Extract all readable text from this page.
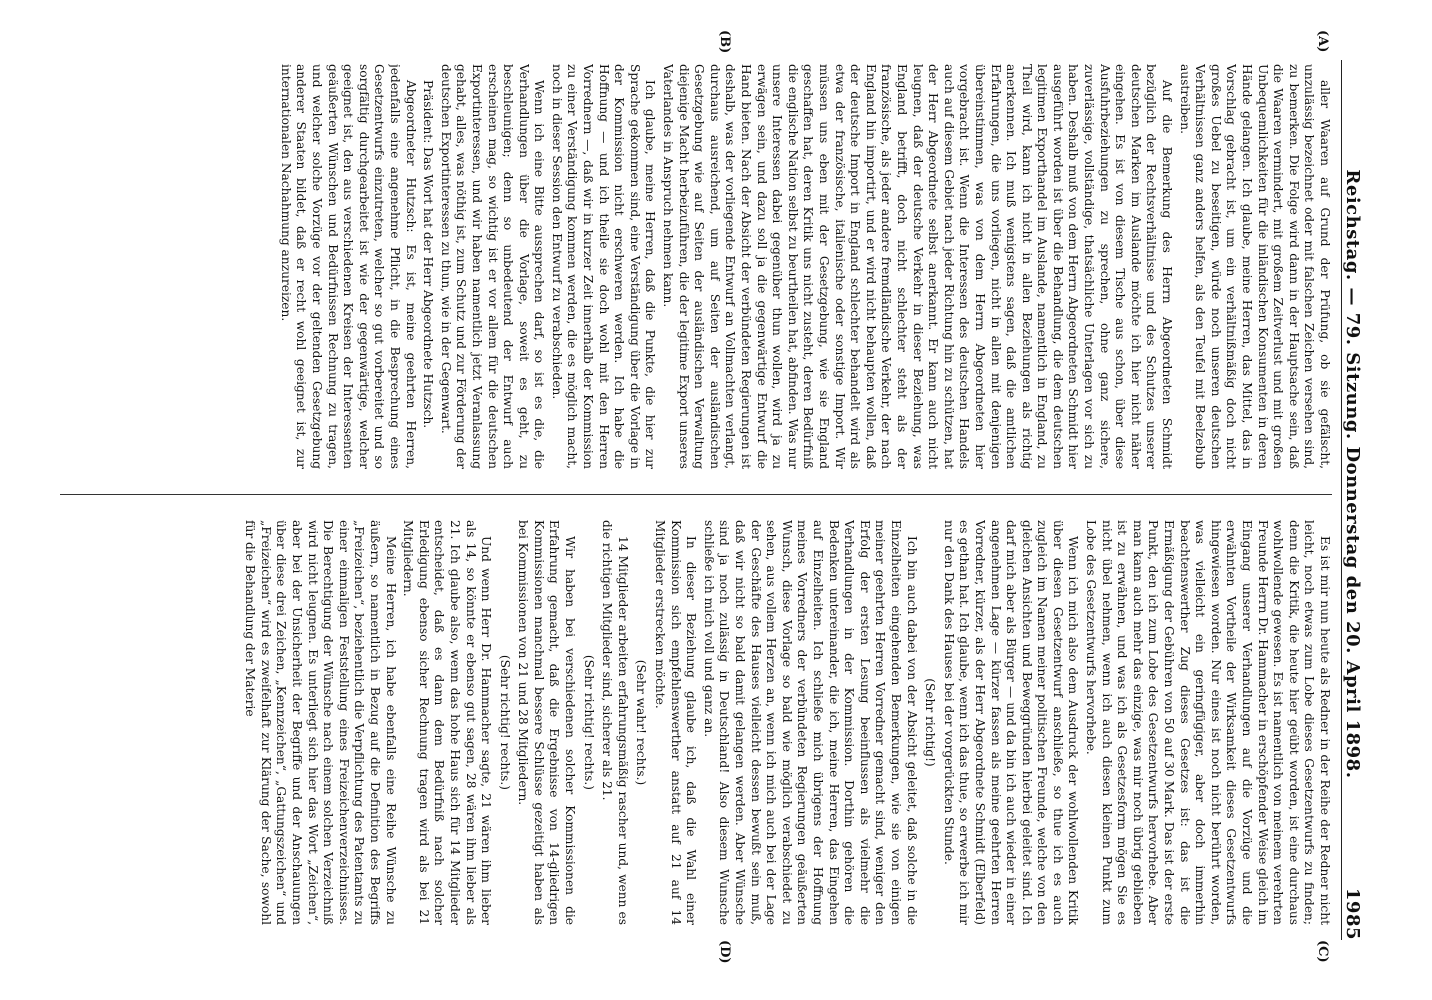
Reichstag. — 79. Sitzung. Donnerstag den 20. April 1898.
1985
(A)
(B)
(C)
(D)

aller Waaren auf Grund der Prüfung, ob sie gefälscht, unzulässig bezeichnet oder mit falschen Zeichen versehen sind, zu bemerken. Die Folge wird dann in der Hauptsache sein, daß die Waaren vermindert, mit großem Zeitverlust und mit großen Unbequemlichkeiten für die inländischen Konsumenten in deren Hände gelangen. Ich glaube, meine Herren, das Mittel, das in Vorschlag gebracht ist, um ein verhältnißmäßig doch nicht großes Uebel zu beseitigen, würde noch unseren deutschen Verhältnissen ganz anders helfen, als den Teufel mit Beelzebub austreiben.

Auf die Bemerkung des Herrn Abgeordneten Schmidt bezüglich der Rechtsverhältnisse und des Schutzes unserer deutschen Marken im Auslande möchte ich hier nicht näher eingehen. Es ist von diesem Tische aus schon, über diese Ausfuhrbeziehungen zu sprechen, ohne ganz sichere, zuverlässige, vollständige, thatsächliche Unterlagen vor sich zu haben. Deshalb muß von dem Herrn Abgeordneten Schmidt hier ausgeführt worden ist über die Behandlung, die dem deutschen legitimen Exporthandel im Auslande, namentlich in England, zu Theil wird, kann ich nicht in allen Beziehungen als richtig anerkennen. Ich muß wenigstens sagen, daß die amtlichen Erfahrungen, die uns vorliegen, nicht in allen mit denjenigen übereinstimmen, was von dem Herrn Abgeordneten hier vorgebracht ist. Wenn die Interessen des deutschen Handels auch auf diesem Gebiet nach jeder Richtung hin zu schützen, hat der Herr Abgeordnete selbst anerkannt. Er kann auch nicht leugnen, daß der deutsche Verkehr in dieser Beziehung, was England betrifft, doch nicht schlechter steht als der französische, als jeder andere fremdländische Verkehr, der nach England hin importirt, und er wird nicht behaupten wollen, daß der deutsche Import in England schlechter behandelt wird als etwa der französische, italienische oder sonstige Import. Wir müssen uns eben mit der Gesetzgebung, wie sie England geschaffen hat, deren Kritik uns nicht zusteht, deren Bedürfniß die englische Nation selbst zu beurtheilen hat, abfinden. Was nur unsere Interessen dabei gegenüber thun wollen, wird ja zu erwägen sein, und dazu soll ja die gegenwärtige Entwurf die Hand bieten. Nach der Absicht der verbündeten Regierungen ist deshalb, was der vorliegende Entwurf an Vollmachten verlangt, durchaus ausreichend, um auf Seiten der ausländischen Gesetzgebung wie auf Seiten der ausländischen Verwaltung diejenige Macht herbeizuführen, die der legitime Export unseres Vaterlandes in Anspruch nehmen kann.

Ich glaube, meine Herren, daß die Punkte, die hier zur Sprache gekommen sind, eine Verständigung über die Vorlage in der Kommission nicht erschweren werden. Ich habe die Hoffnung — und ich theile sie doch wohl mit den Herren Vorrednern —, daß wir in kurzer Zeit innerhalb der Kommission zu einer Verständigung kommen werden, die es möglich macht, noch in dieser Session den Entwurf zu verabschieden.

Wenn ich eine Bitte aussprechen darf, so ist es die, die Verhandlungen über die Vorlage, soweit es geht, zu beschleunigen; denn so unbedeutend der Entwurf auch erscheinen mag, so wichtig ist er vor allem für die deutschen Exportinteressen, und wir haben namentlich jetzt Veranlassung gehabt, alles, was nöthig ist, zum Schutz und zur Förderung der deutschen Exportinteressen zu thun, wie in der Gegenwart.

Präsident: Das Wort hat der Herr Abgeordnete Hutzsch.

Abgeordneter Hutzsch: Es ist, meine geehrten Herren, jedenfalls eine angenehme Pflicht, in die Besprechung eines Gesetzentwurfs einzutreten, welcher so gut vorbereitet und so sorgfältig durchgearbeitet ist wie der gegenwärtige, welcher geeignet ist, den aus verschiedenen Kreisen der Interessenten geäußerten Wünschen und Bedürfnissen Rechnung zu tragen, und welcher solche Vorzüge vor der geltenden Gesetzgebung anderer Staaten bildet, daß er recht wohl geeignet ist, zur internationalen Nachahmung anzureizen.

Es ist mir nun heute als Redner in der Reihe der Redner nicht leicht, noch etwas zum Lobe dieses Gesetzentwurfs zu finden; denn die Kritik, die heute hier geübt worden, ist eine durchaus wohlwollende gewesen. Es ist namentlich von meinem verehrten Freunde Herrn Dr. Hammacher in erschöpfender Weise gleich im Eingang unserer Verhandlungen auf die Vorzüge und die erwähnten Vortheile der Wirksamkeit dieses Gesetzentwurfs hingewiesen worden. Nur eines ist noch nicht berührt worden, was vielleicht ein geringfügiger, aber doch immerhin beachtenswerther Zug dieses Gesetzes ist: das ist die Ermäßigung der Gebühren von 50 auf 30 Mark. Das ist der erste Punkt, den ich zum Lobe des Gesetzentwurfs hervorhebe. Aber man kann auch mehr das einzige, was mir noch übrig geblieben ist zu erwähnen, und was ich als Gesetzesform mögen Sie es nicht übel nehmen, wenn ich auch diesen kleinen Punkt zum Lobe des Gesetzentwurfs hervorhebe.

Wenn ich mich also dem Ausdruck der wohlwollenden Kritik über diesen Gesetzentwurf anschließe, so thue ich es auch zugleich im Namen meiner politischen Freunde, welche von den gleichen Ansichten und Beweggründen hierbei geleitet sind. Ich darf mich aber als Bürger — und da bin ich auch wieder in einer angenehmen Lage — kürzer fassen als meine geehrten Herren Vorredner, kürzer, als der Herr Abgeordnete Schmidt (Elberfeld) es gethan hat. Ich glaube, wenn ich das thue, so erwerbe ich mir nur den Dank des Hauses bei der vorgerückten Stunde.

(Sehr richtig!)

Ich bin auch dabei von der Absicht geleitet, daß solche in die Einzelheiten eingehenden Bemerkungen, wie sie von einigen meiner geehrten Herren Vorredner gemacht sind, weniger den Erfolg der ersten Lesung beeinflussen als vielmehr die Verhandlungen in der Kommission. Dorthin gehören die Bedenken untereinander, die ich, meine Herren, das Eingehen auf Einzelheiten. Ich schließe mich übrigens der Hoffnung meines Vorredners der verbündeten Regierungen geäußerten Wunsch, diese Vorlage so bald wie möglich verabschiedet zu sehen, aus vollem Herzen an, wenn ich mich auch bei der Lage der Geschäfte des Hauses vielleicht dessen bewußt sein muß, daß wir nicht so bald damit gelangen werden. Aber Wünsche sind ja noch zulässig in Deutschland! Also diesem Wunsche schließe ich mich voll und ganz an.

In dieser Beziehung glaube ich, daß die Wahl einer Kommission sich empfehlenswerther anstatt auf 21 auf 14 Mitglieder erstrecken möchte.

(Sehr wahr! rechts.)

14 Mitglieder arbeiten erfahrungsmäßig rascher und, wenn es die richtigen Mitglieder sind, sicherer als 21.

(Sehr richtig! rechts.)

Wir haben bei verschiedenen solcher Kommissionen die Erfahrung gemacht, daß die Ergebnisse von 14-gliedrigen Kommissionen manchmal bessere Schlüsse gezeitigt haben als bei Kommissionen von 21 und 28 Mitgliedern.

(Sehr richtig! rechts.)

Und wenn Herr Dr. Hammacher sagte, 21 wären ihm lieber als 14, so könnte er ebenso gut sagen, 28 wären ihm lieber als 21. Ich glaube also, wenn das hohe Haus sich für 14 Mitglieder entscheidet, daß es dann dem Bedürfniß nach solcher Erledigung ebenso sicher Rechnung tragen wird als bei 21 Mitgliedern.

Meine Herren, ich habe ebenfalls eine Reihe Wünsche zu äußern, so namentlich in Bezug auf die Definition des Begriffs „Freizeichen“, beziehentlich die Verpflichtung des Patentamts zu einer einmaligen Feststellung eines Freizeichenverzeichnisses. Die Berechtigung der Wünsche nach einem solchen Verzeichniß wird nicht leugnen. Es unterliegt sich hier das Wort „Zeichen“, aber bei der Unsicherheit der Begriffe und der Anschauungen über diese drei Zeichen, „Kennzeichen“, „Gattungszeichen“ und „Freizeichen“ wird es zweifelhaft zur Klärung der Sache, sowohl für die Behandlung der Materie
